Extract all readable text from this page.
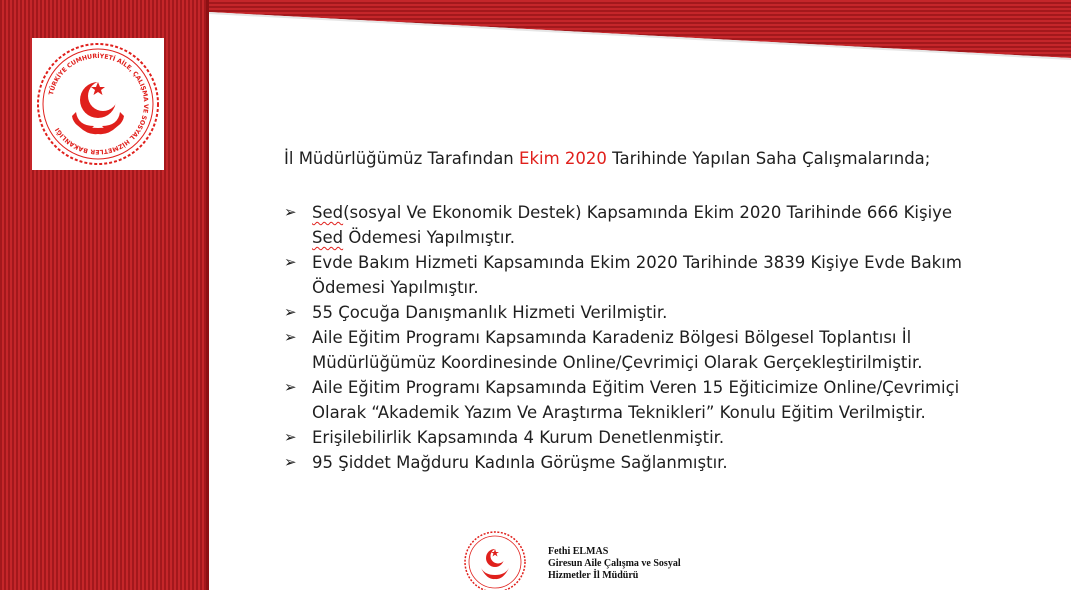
TÜRKİYE CUMHURİYETİ AİLE, ÇALIŞMA VE SOSYAL HİZMETLER BAKANLIĞI
İl Müdürlüğümüz Tarafından Ekim 2020 Tarihinde Yapılan Saha Çalışmalarında;
➢ Sed(sosyal Ve Ekonomik Destek) Kapsamında Ekim 2020 Tarihinde 666 Kişiye
Sed Ödemesi Yapılmıştır.
➢ Evde Bakım Hizmeti Kapsamında Ekim 2020 Tarihinde 3839 Kişiye Evde Bakım
Ödemesi Yapılmıştır.
➢ 55 Çocuğa Danışmanlık Hizmeti Verilmiştir.
➢ Aile Eğitim Programı Kapsamında Karadeniz Bölgesi Bölgesel Toplantısı İl
Müdürlüğümüz Koordinesinde Online/Çevrimiçi Olarak Gerçekleştirilmiştir.
➢ Aile Eğitim Programı Kapsamında Eğitim Veren 15 Eğiticimize Online/Çevrimiçi
Olarak “Akademik Yazım Ve Araştırma Teknikleri” Konulu Eğitim Verilmiştir.
➢ Erişilebilirlik Kapsamında 4 Kurum Denetlenmiştir.
➢ 95 Şiddet Mağduru Kadınla Görüşme Sağlanmıştır.
Fethi ELMAS
Giresun Aile Çalışma ve Sosyal
Hizmetler İl Müdürü
